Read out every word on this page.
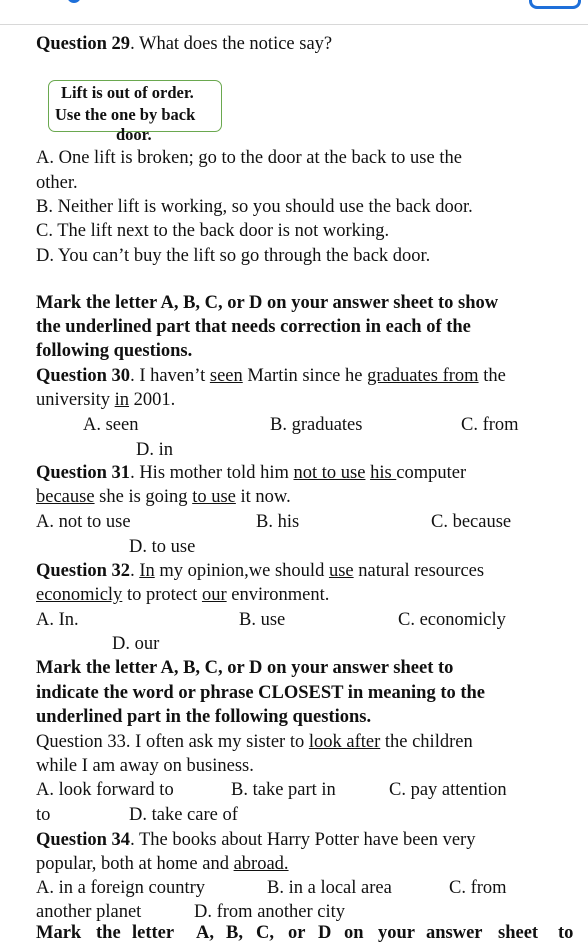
Question 29. What does the notice say?
Lift is out of order.
Use the one by back
door.
A. One lift is broken; go to the door at the back to use the
other.
B. Neither lift is working, so you should use the back door.
C. The lift next to the back door is not working.
D. You can’t buy the lift so go through the back door.
Mark the letter A, B, C, or D on your answer sheet to show
the underlined part that needs correction in each of the
following questions.
Question 30. I haven’t seen Martin since he graduates from the
university in 2001.
A. seen	B. graduates	C. from
D. in
Question 31. His mother told him not to use his computer
because she is going to use it now.
A. not to use	B. his	C. because
D. to use
Question 32. In my opinion,we should use natural resources
economicly to protect our environment.
A. In.	B. use	C. economicly
D. our
Mark the letter A, B, C, or D on your answer sheet to
indicate the word or phrase CLOSEST in meaning to the
underlined part in the following questions.
Question 33. I often ask my sister to look after the children
while I am away on business.
A. look forward to	B. take part in	C. pay attention
to	D. take care of
Question 34. The books about Harry Potter have been very
popular, both at home and abroad.
A. in a foreign country	B. in a local area	C. from
another planet	D. from another city
Mark the letter A, B, C, or D on your answer sheet to
